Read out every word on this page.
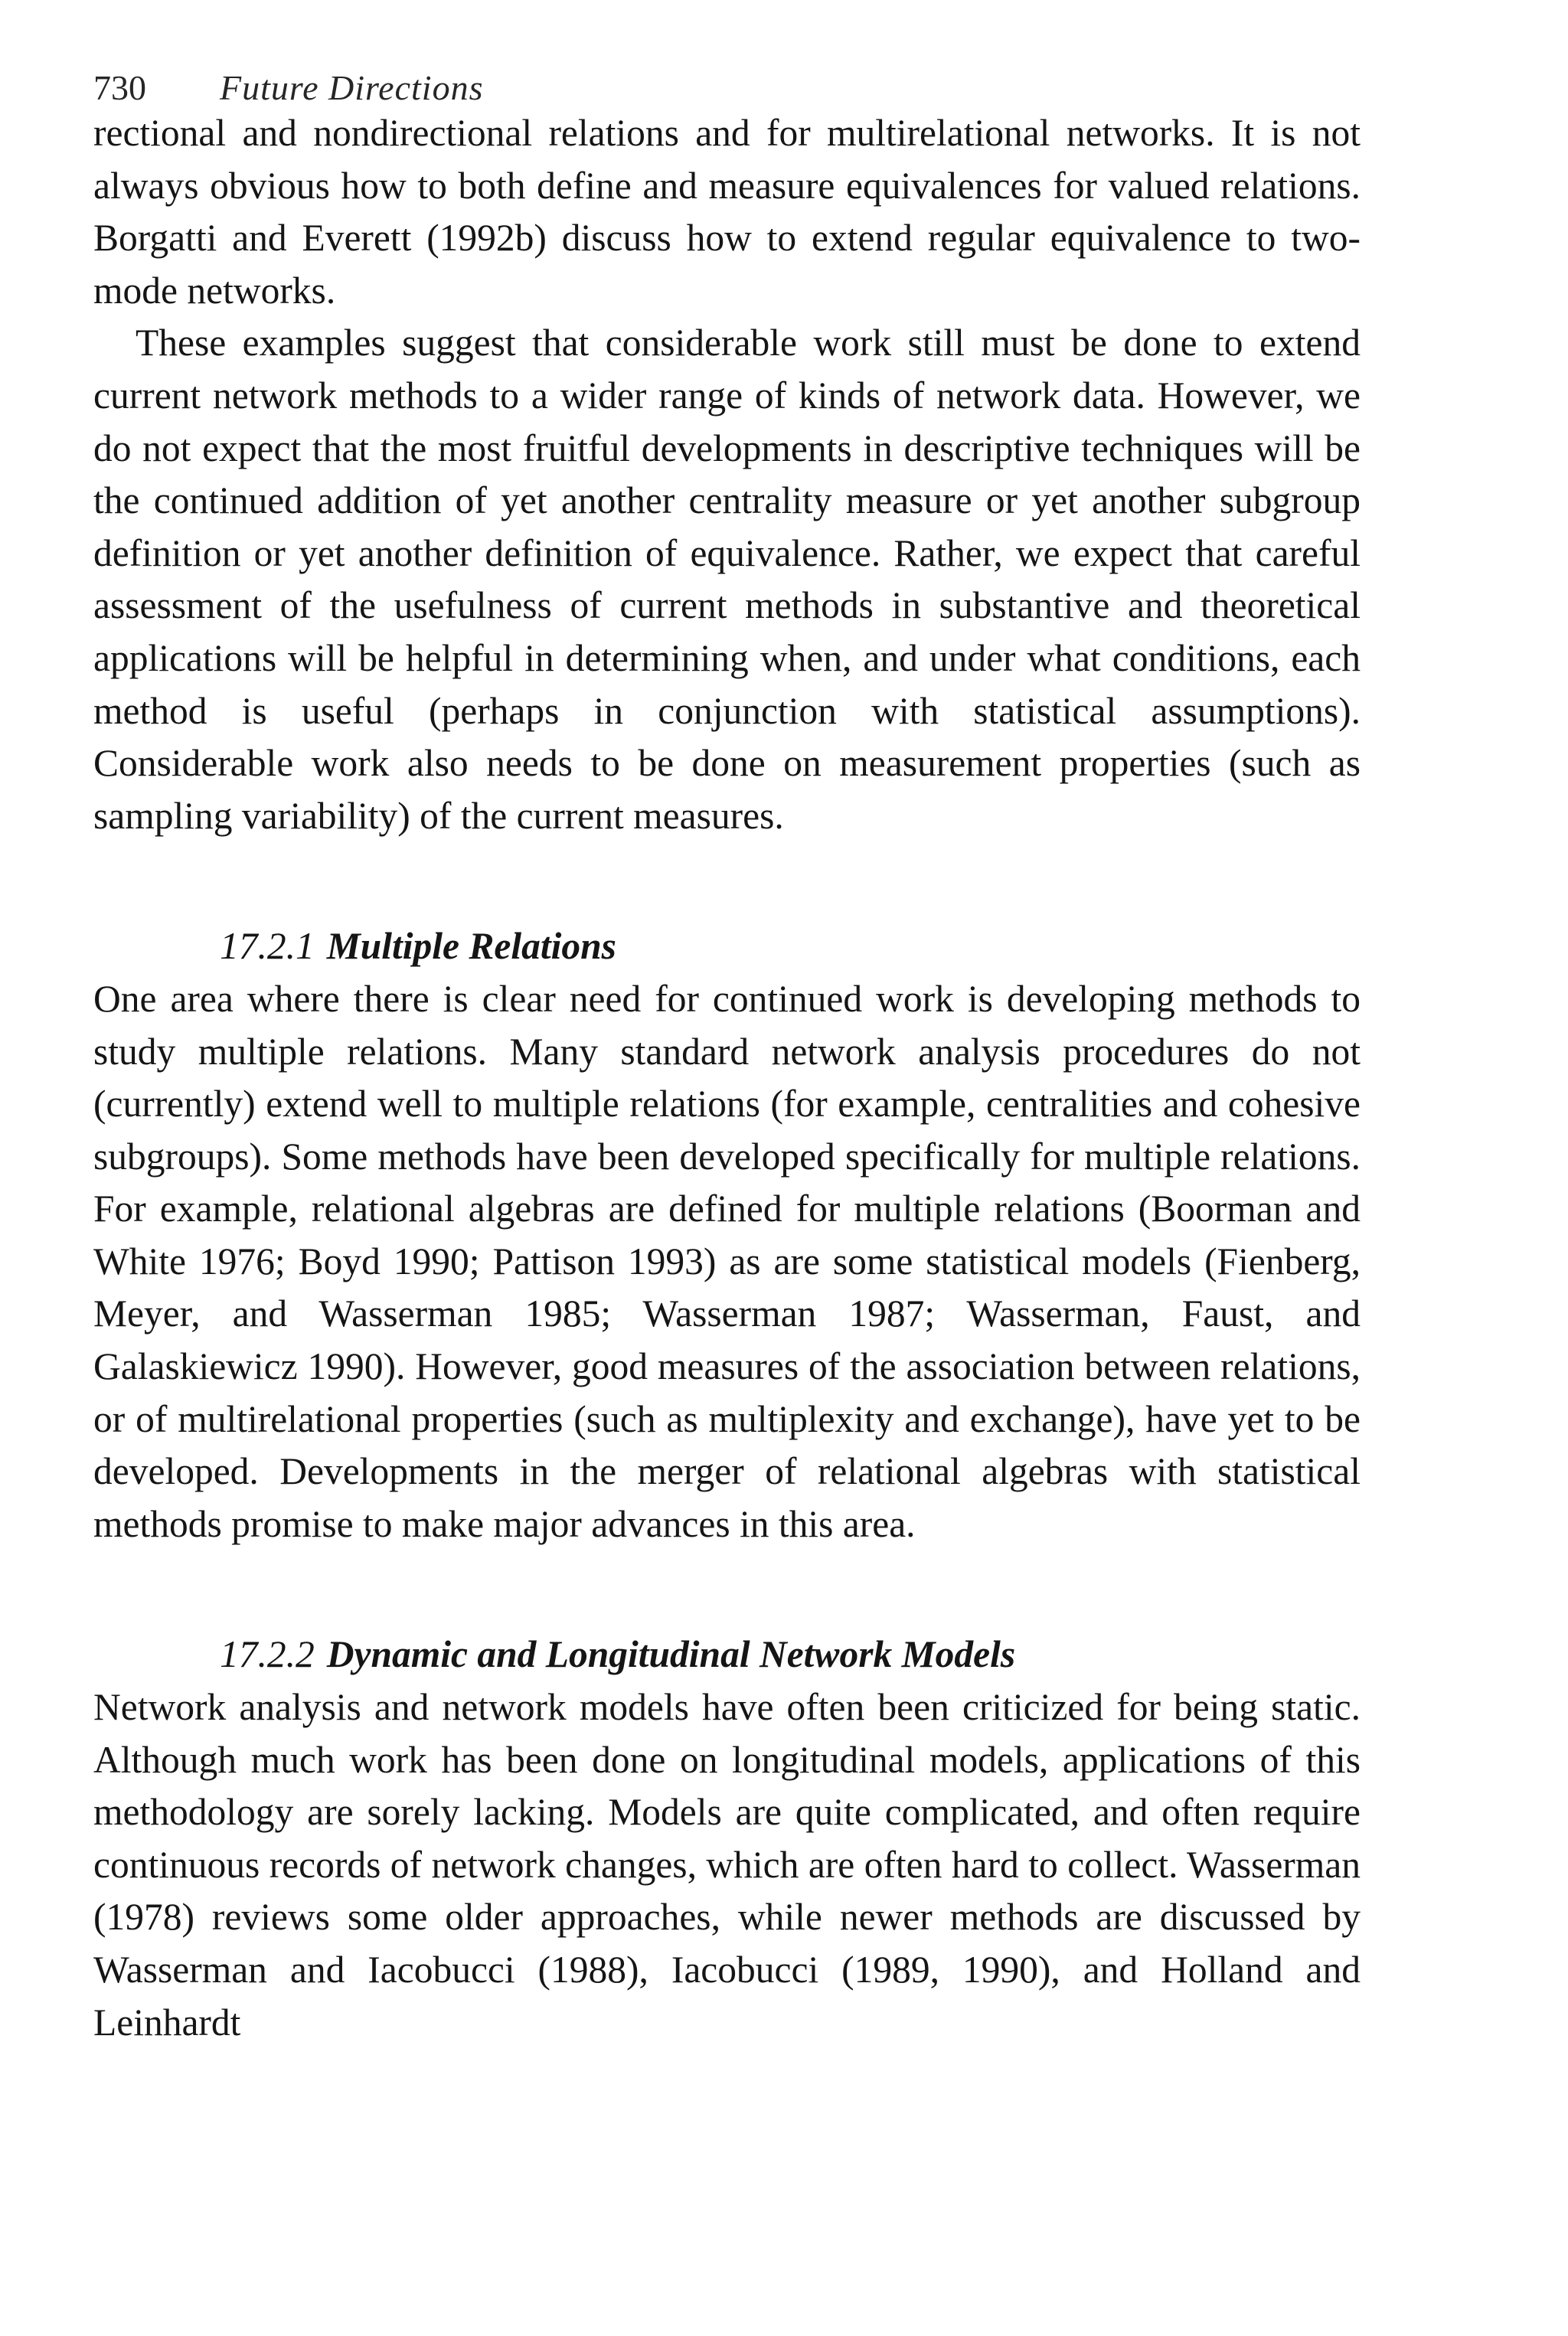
730	Future Directions

rectional and nondirectional relations and for multirelational networks. It is not always obvious how to both define and measure equivalences for valued relations. Borgatti and Everett (1992b) discuss how to extend regular equivalence to two-mode networks.

These examples suggest that considerable work still must be done to extend current network methods to a wider range of kinds of network data. However, we do not expect that the most fruitful developments in descriptive techniques will be the continued addition of yet another centrality measure or yet another subgroup definition or yet another definition of equivalence. Rather, we expect that careful assessment of the usefulness of current methods in substantive and theoretical applications will be helpful in determining when, and under what conditions, each method is useful (perhaps in conjunction with statistical assumptions). Considerable work also needs to be done on measurement properties (such as sampling variability) of the current measures.

17.2.1 Multiple Relations

One area where there is clear need for continued work is developing methods to study multiple relations. Many standard network analysis procedures do not (currently) extend well to multiple relations (for example, centralities and cohesive subgroups). Some methods have been developed specifically for multiple relations. For example, relational algebras are defined for multiple relations (Boorman and White 1976; Boyd 1990; Pattison 1993) as are some statistical models (Fienberg, Meyer, and Wasserman 1985; Wasserman 1987; Wasserman, Faust, and Galaskiewicz 1990). However, good measures of the association between relations, or of multirelational properties (such as multiplexity and exchange), have yet to be developed. Developments in the merger of relational algebras with statistical methods promise to make major advances in this area.

17.2.2 Dynamic and Longitudinal Network Models

Network analysis and network models have often been criticized for being static. Although much work has been done on longitudinal models, applications of this methodology are sorely lacking. Models are quite complicated, and often require continuous records of network changes, which are often hard to collect. Wasserman (1978) reviews some older approaches, while newer methods are discussed by Wasserman and Iacobucci (1988), Iacobucci (1989, 1990), and Holland and Leinhardt
